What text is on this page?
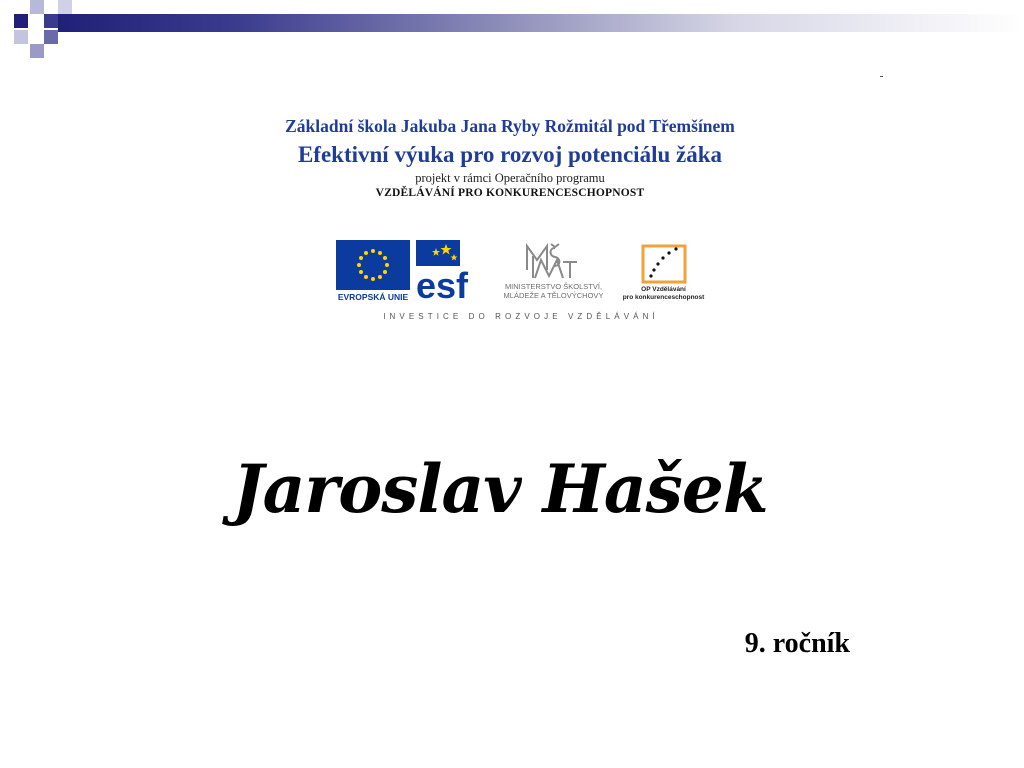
Základní škola Jakuba Jana Ryby Rožmitál pod Třemšínem

Efektivní výuka pro rozvoj potenciálu žáka

projekt v rámci Operačního programu

VZDĚLÁVÁNÍ PRO KONKURENCESCHOPNOST

EVROPSKÁ UNIE esf	MINISTERSTVO ŠKOLSTVÍ,
MLÁDEŽE A TĚLOVÝCHOVY
OP Vzdělávání
pro konkurenceschopnost
INVESTICE DO ROZVOJE VZDĚLÁVÁNÍ
Jaroslav Hašek

9. ročník
